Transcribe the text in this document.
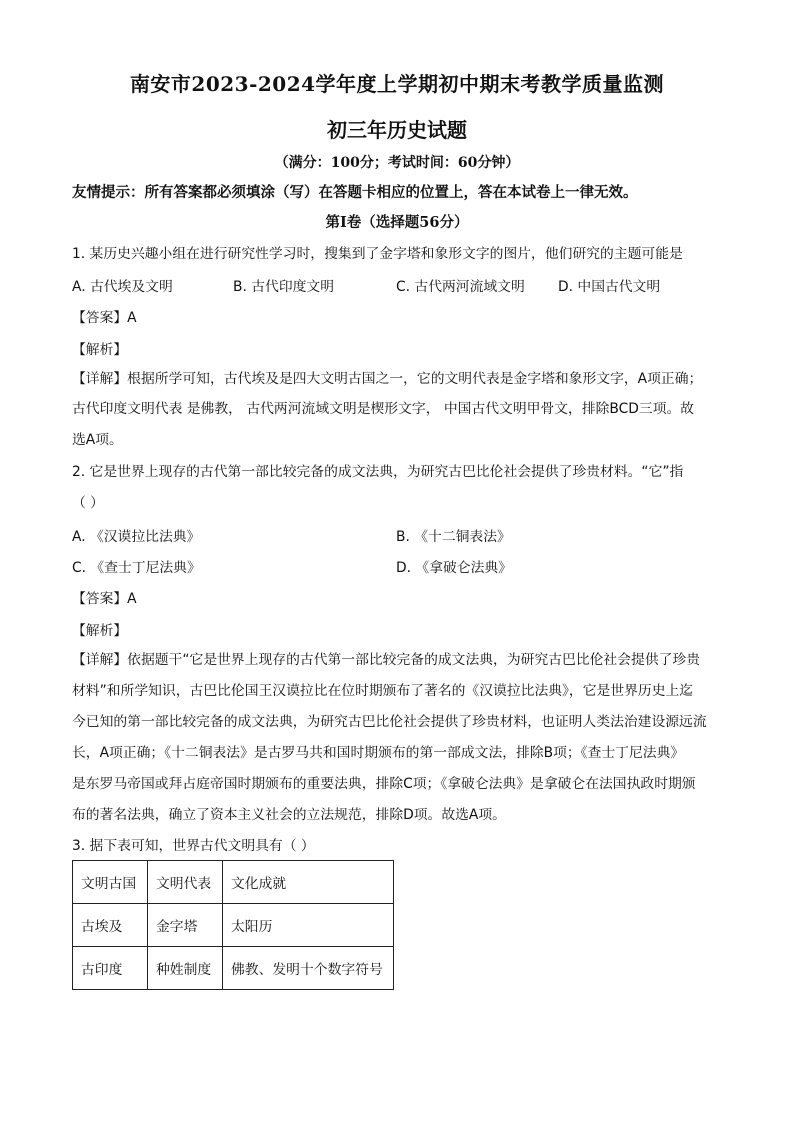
南安市2023-2024学年度上学期初中期末考教学质量监测
初三年历史试题
（满分：100分；考试时间：60分钟）
友情提示：所有答案都必须填涂（写）在答题卡相应的位置上，答在本试卷上一律无效。
第Ⅰ卷（选择题56分）
1. 某历史兴趣小组在进行研究性学习时，搜集到了金字塔和象形文字的图片，他们研究的主题可能是
A. 古代埃及文明	B. 古代印度文明	C. 古代两河流域文明 D. 中国古代文明
【答案】A
【解析】
【详解】根据所学可知，古代埃及是四大文明古国之一，它的文明代表是金字塔和象形文字，A项正确；
古代印度文明代表 是佛教， 古代两河流域文明是楔形文字， 中国古代文明甲骨文，排除BCD三项。故
选A项。
2. 它是世界上现存的古代第一部比较完备的成文法典，为研究古巴比伦社会提供了珍贵材料。“它”指
（ ）
A. 《汉谟拉比法典》	B. 《十二铜表法》
C. 《查士丁尼法典》	D. 《拿破仑法典》
【答案】A
【解析】
【详解】依据题干“它是世界上现存的古代第一部比较完备的成文法典，为研究古巴比伦社会提供了珍贵
材料”和所学知识，古巴比伦国王汉谟拉比在位时期颁布了著名的《汉谟拉比法典》，它是世界历史上迄
今已知的第一部比较完备的成文法典，为研究古巴比伦社会提供了珍贵材料，也证明人类法治建设源远流
长，A项正确；《十二铜表法》是古罗马共和国时期颁布的第一部成文法，排除B项；《查士丁尼法典》
是东罗马帝国或拜占庭帝国时期颁布的重要法典，排除C项；《拿破仑法典》是拿破仑在法国执政时期颁
布的著名法典，确立了资本主义社会的立法规范，排除D项。故选A项。
3. 据下表可知，世界古代文明具有（ ）
文明古国	文明代表	文化成就
古埃及	金字塔	太阳历
古印度	种姓制度	佛教、发明十个数字符号
